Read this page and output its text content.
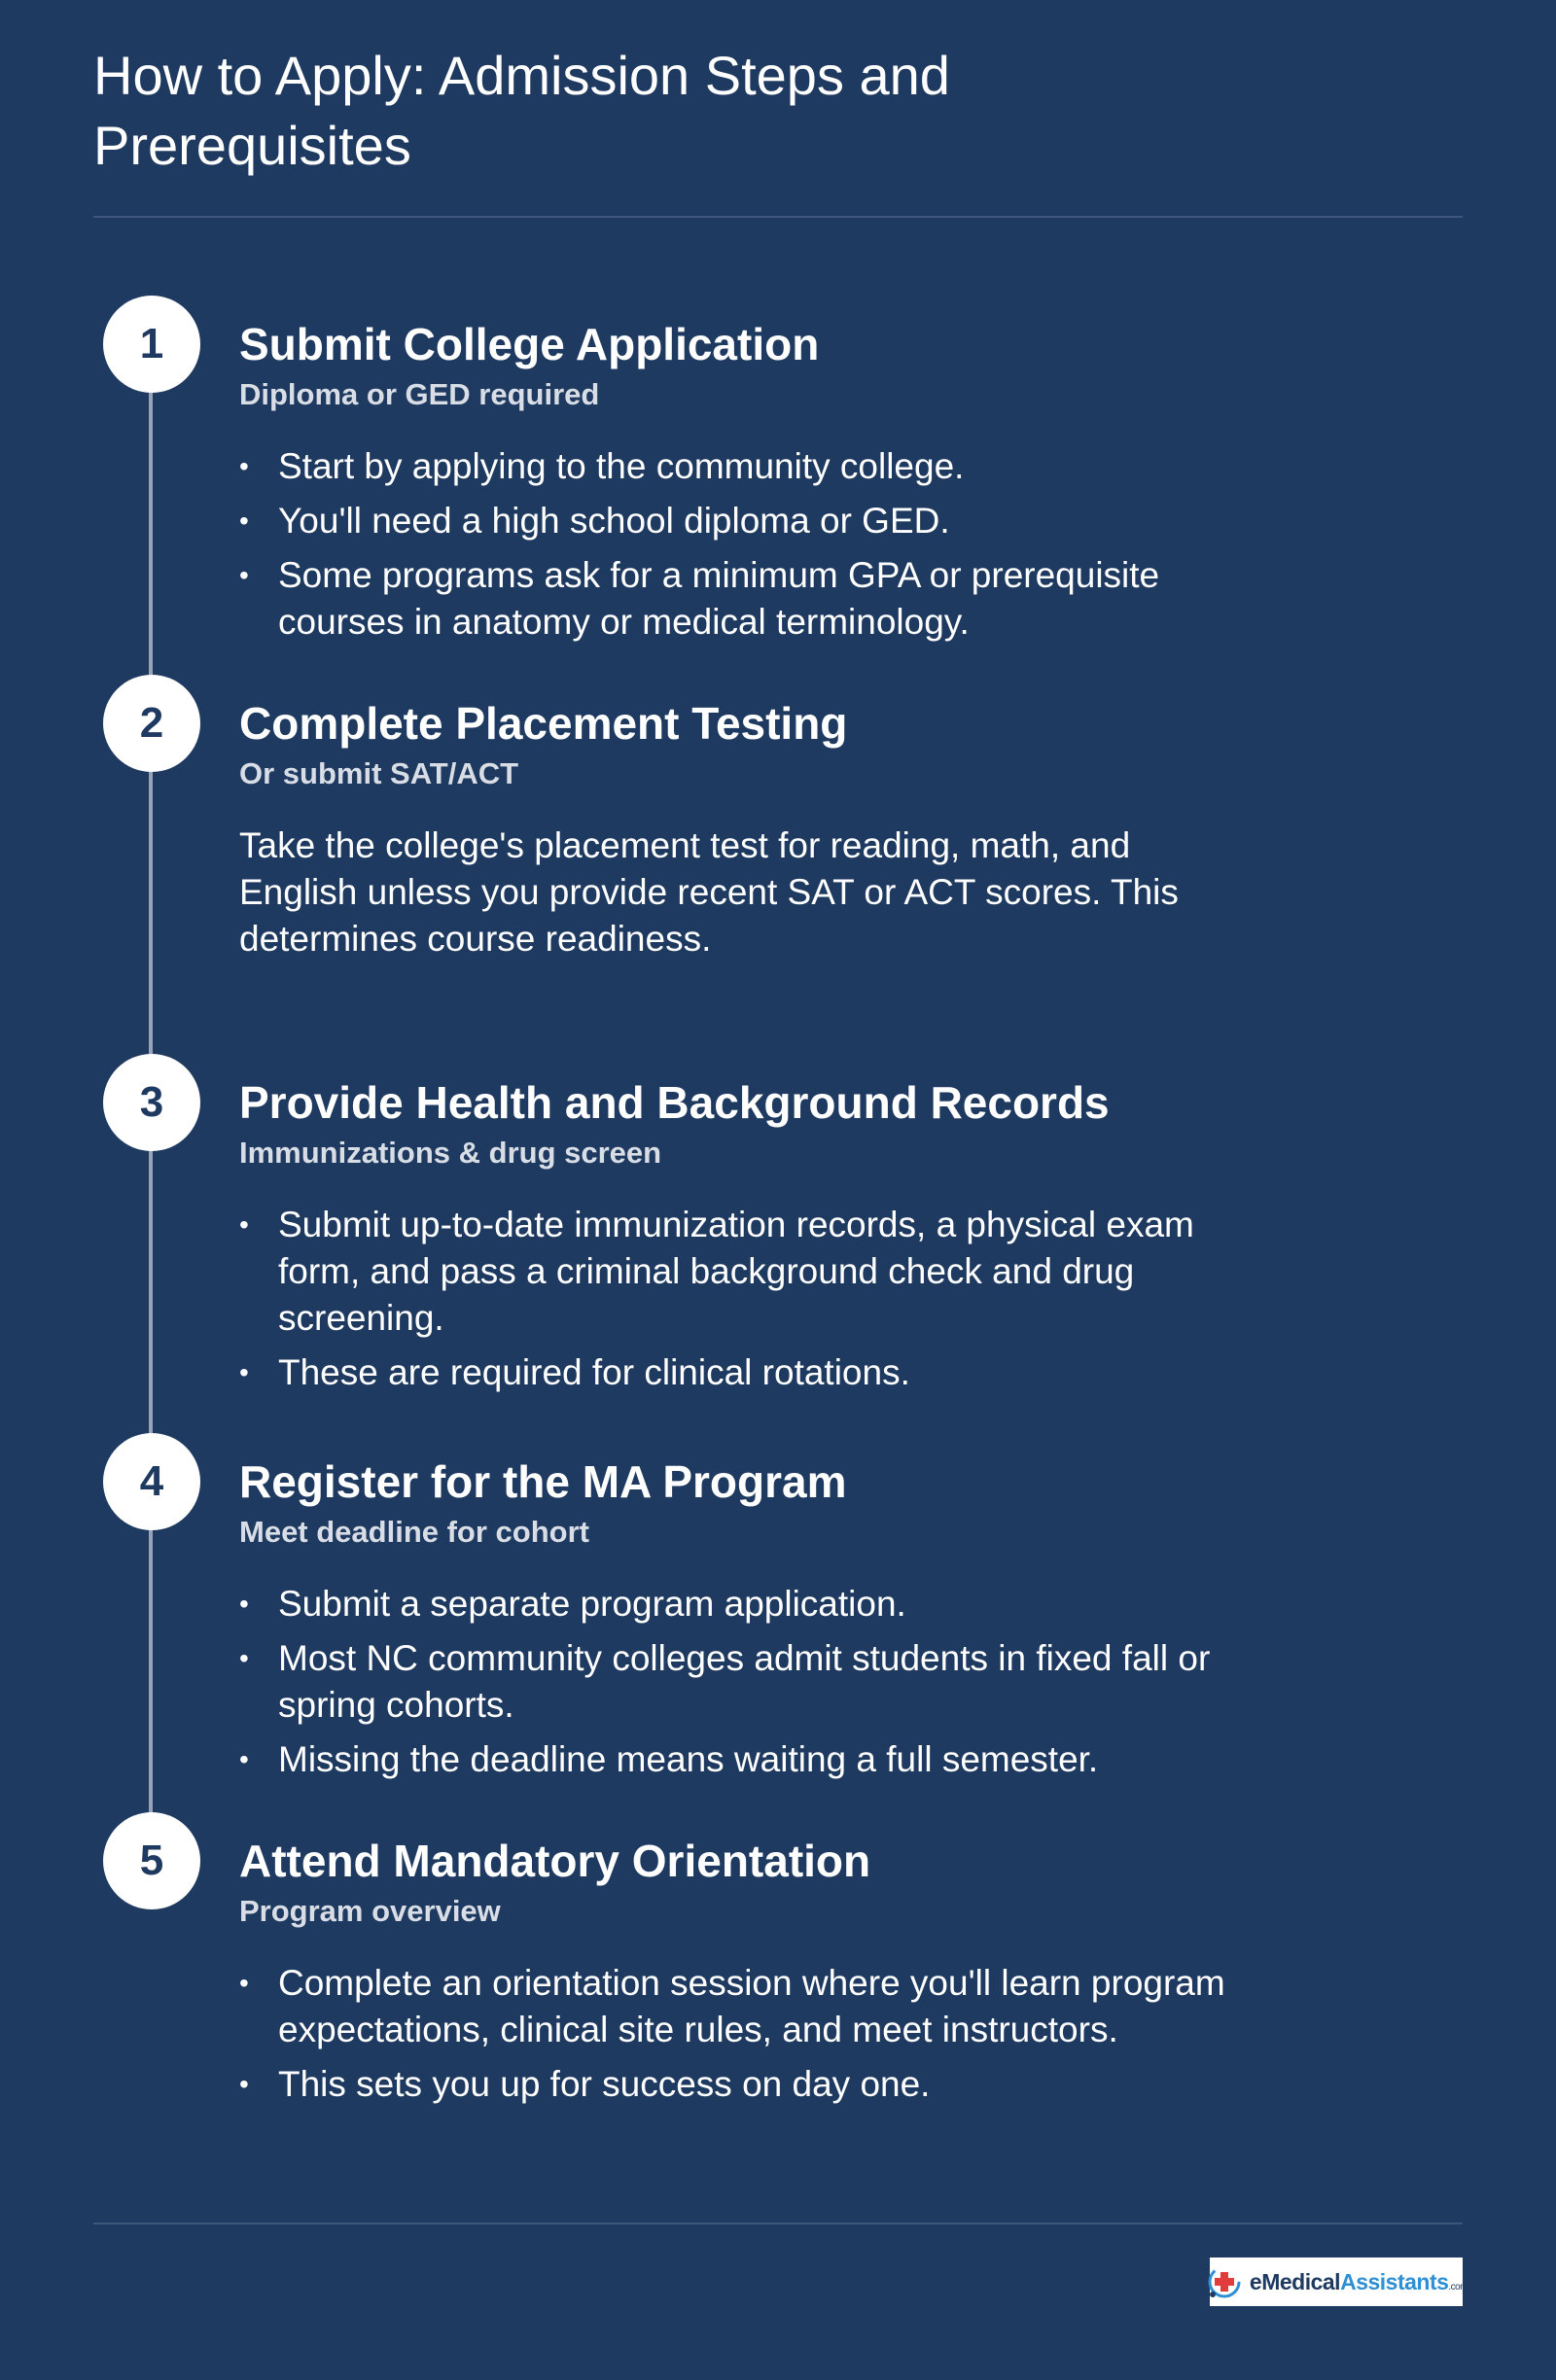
How to Apply: Admission Steps and Prerequisites
1	Submit College Application
Diploma or GED required
• Start by applying to the community college.
• You'll need a high school diploma or GED.
• Some programs ask for a minimum GPA or prerequisite courses in anatomy or medical terminology.
2	Complete Placement Testing
Or submit SAT/ACT

Take the college's placement test for reading, math, and English unless you provide recent SAT or ACT scores. This determines course readiness.

3	Provide Health and Background Records
Immunizations & drug screen
• Submit up-to-date immunization records, a physical exam form, and pass a criminal background check and drug screening.
• These are required for clinical rotations.
4	Register for the MA Program
Meet deadline for cohort
• Submit a separate program application.
• Most NC community colleges admit students in fixed fall or spring cohorts.
• Missing the deadline means waiting a full semester.
5	Attend Mandatory Orientation
Program overview
• Complete an orientation session where you'll learn program expectations, clinical site rules, and meet instructors.
• This sets you up for success on day one.
eMedicalAssistants.com
